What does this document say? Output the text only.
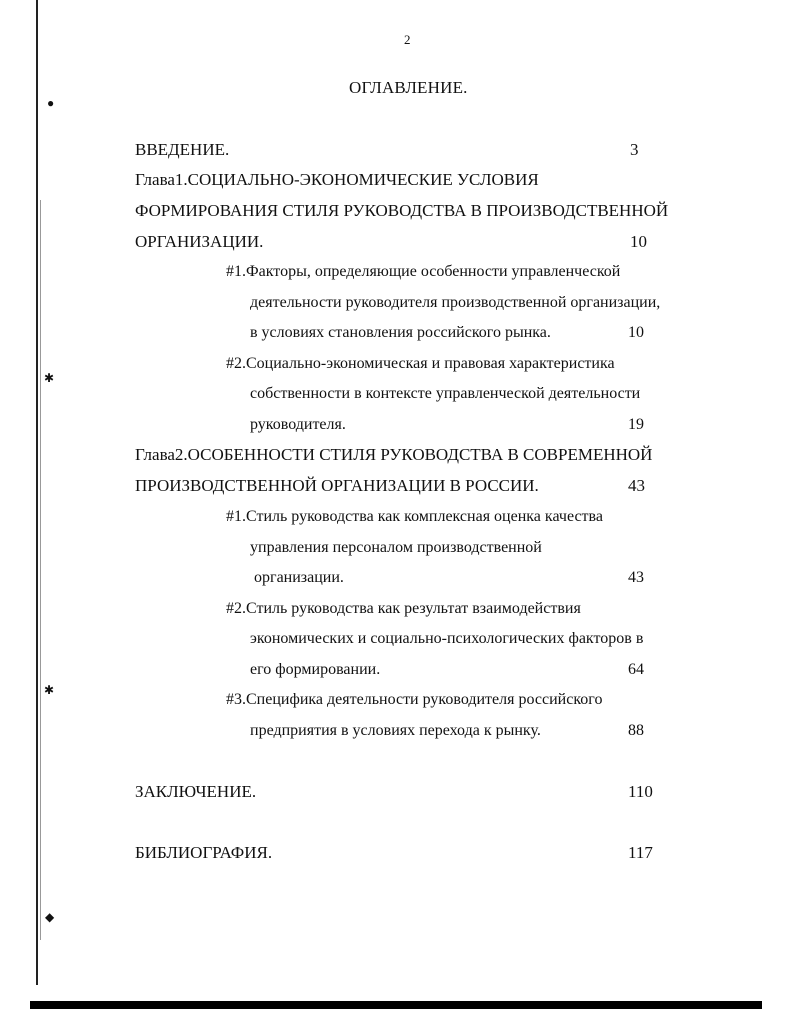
●
✱
✱
◆
2
ОГЛАВЛЕНИЕ.
ВВЕДЕНИЕ.	3
Глава1.СОЦИАЛЬНО-ЭКОНОМИЧЕСКИЕ УСЛОВИЯ
ФОРМИРОВАНИЯ СТИЛЯ РУКОВОДСТВА В ПРОИЗВОДСТВЕННОЙ
ОРГАНИЗАЦИИ.	10
#1.Факторы, определяющие особенности управленческой
деятельности руководителя производственной организации,
в условиях становления российского рынка.	10
#2.Социально-экономическая и правовая характеристика
собственности в контексте управленческой деятельности
руководителя.	19
Глава2.ОСОБЕННОСТИ СТИЛЯ РУКОВОДСТВА В СОВРЕМЕННОЙ
ПРОИЗВОДСТВЕННОЙ ОРГАНИЗАЦИИ В РОССИИ.	43
#1.Стиль руководства как комплексная оценка качества
управления персоналом производственной
организации.	43
#2.Стиль руководства как результат взаимодействия
экономических и социально-психологических факторов в
его формировании.	64
#3.Специфика деятельности руководителя российского
предприятия в условиях перехода к рынку.	88
ЗАКЛЮЧЕНИЕ.	110
БИБЛИОГРАФИЯ.	117
